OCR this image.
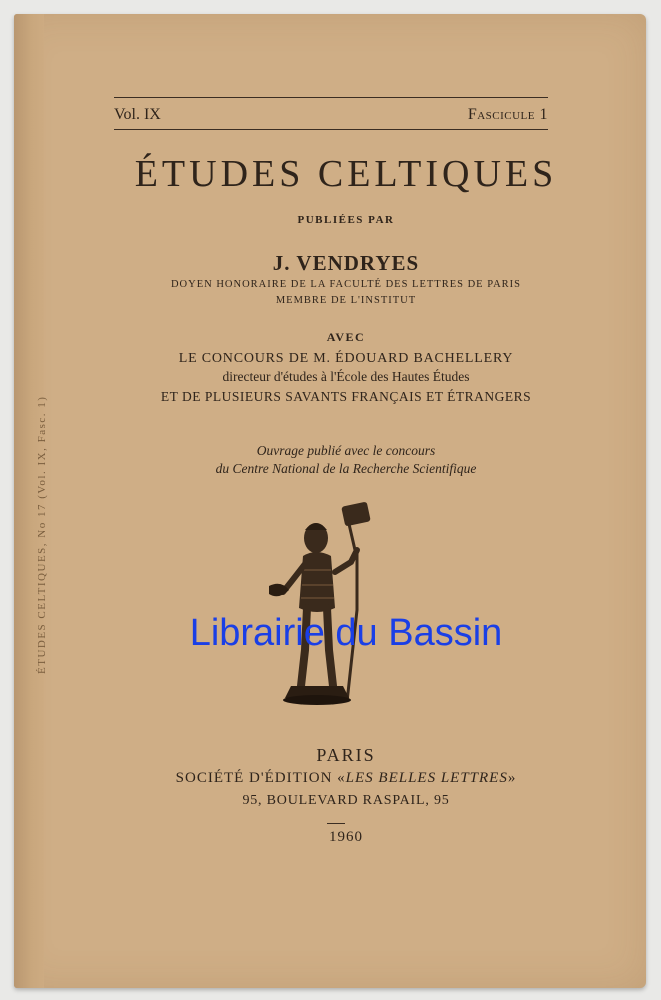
ÉTUDES CELTIQUES, No 17 (Vol. IX, Fasc. 1)
Vol. IX	Fascicule 1
ÉTUDES CELTIQUES
PUBLIÉES PAR
J. VENDRYES
DOYEN HONORAIRE DE LA FACULTÉ DES LETTRES DE PARIS
MEMBRE DE L'INSTITUT
AVEC
LE CONCOURS DE M. ÉDOUARD BACHELLERY
directeur d'études à l'École des Hautes Études
ET DE PLUSIEURS SAVANTS FRANÇAIS ET ÉTRANGERS
Ouvrage publié avec le concours
du Centre National de la Recherche Scientifique
Librairie du Bassin
PARIS
SOCIÉTÉ D'ÉDITION «LES BELLES LETTRES»
95, BOULEVARD RASPAIL, 95
1960
